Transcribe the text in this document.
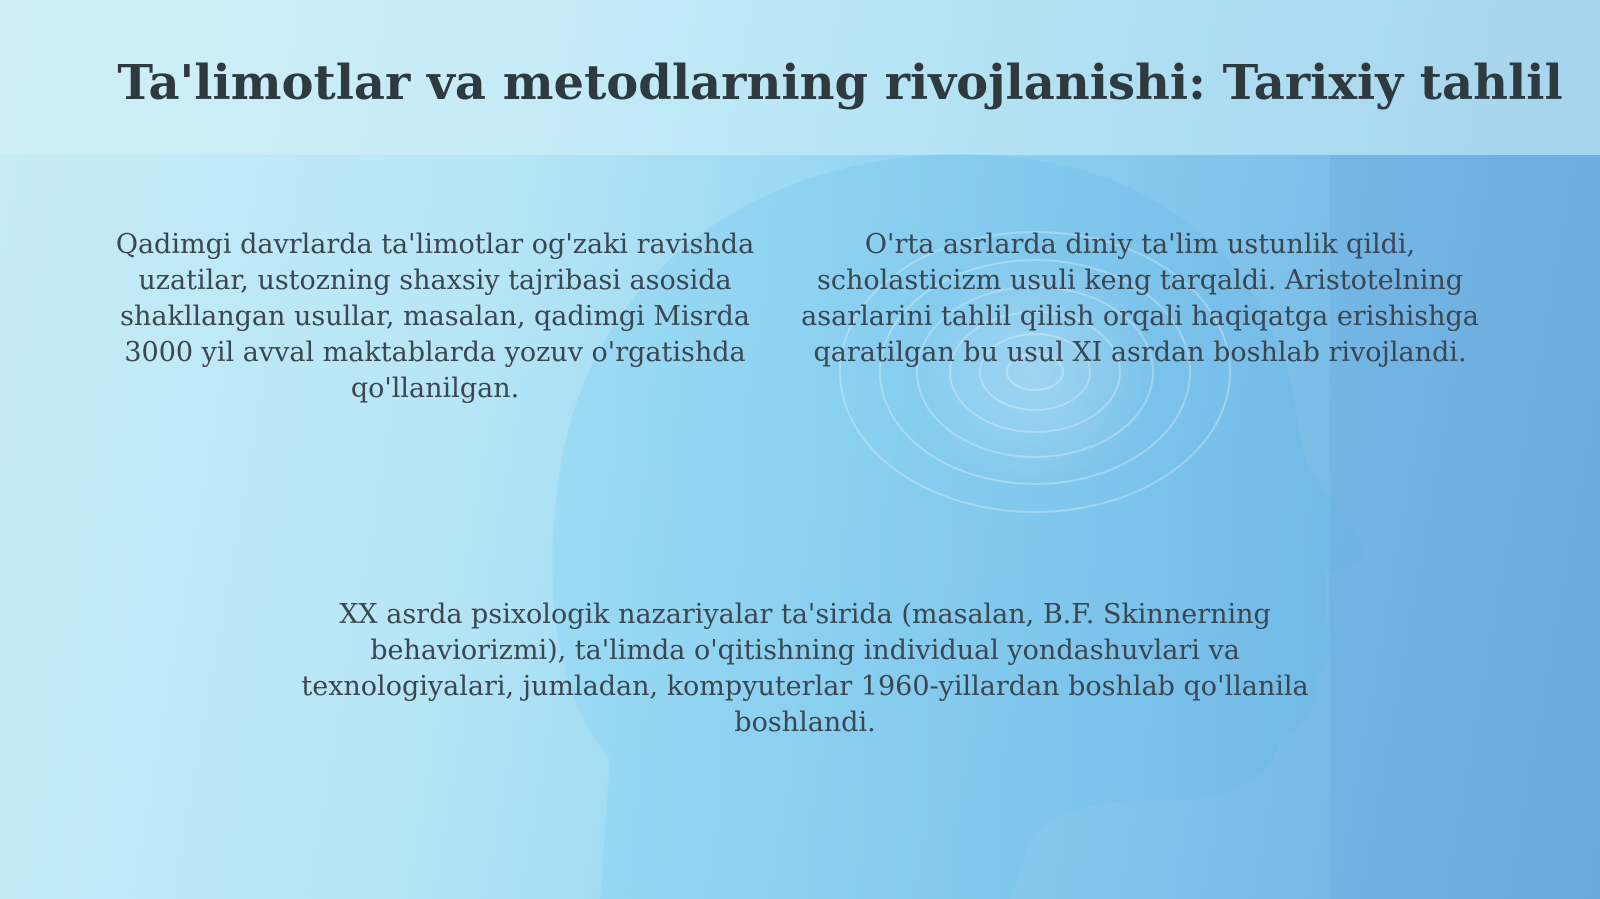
Ta'limotlar va metodlarning rivojlanishi: Tarixiy tahlil
Qadimgi davrlarda ta'limotlar og'zaki ravishda uzatilar, ustozning shaxsiy tajribasi asosida shakllangan usullar, masalan, qadimgi Misrda 3000 yil avval maktablarda yozuv o'rgatishda qo'llanilgan.
O'rta asrlarda diniy ta'lim ustunlik qildi, scholasticizm usuli keng tarqaldi. Aristotelning asarlarini tahlil qilish orqali haqiqatga erishishga qaratilgan bu usul XI asrdan boshlab rivojlandi.
XX asrda psixologik nazariyalar ta'sirida (masalan, B.F. Skinnerning behaviorizmi), ta'limda o'qitishning individual yondashuvlari va texnologiyalari, jumladan, kompyuterlar 1960-yillardan boshlab qo'llanila boshlandi.
